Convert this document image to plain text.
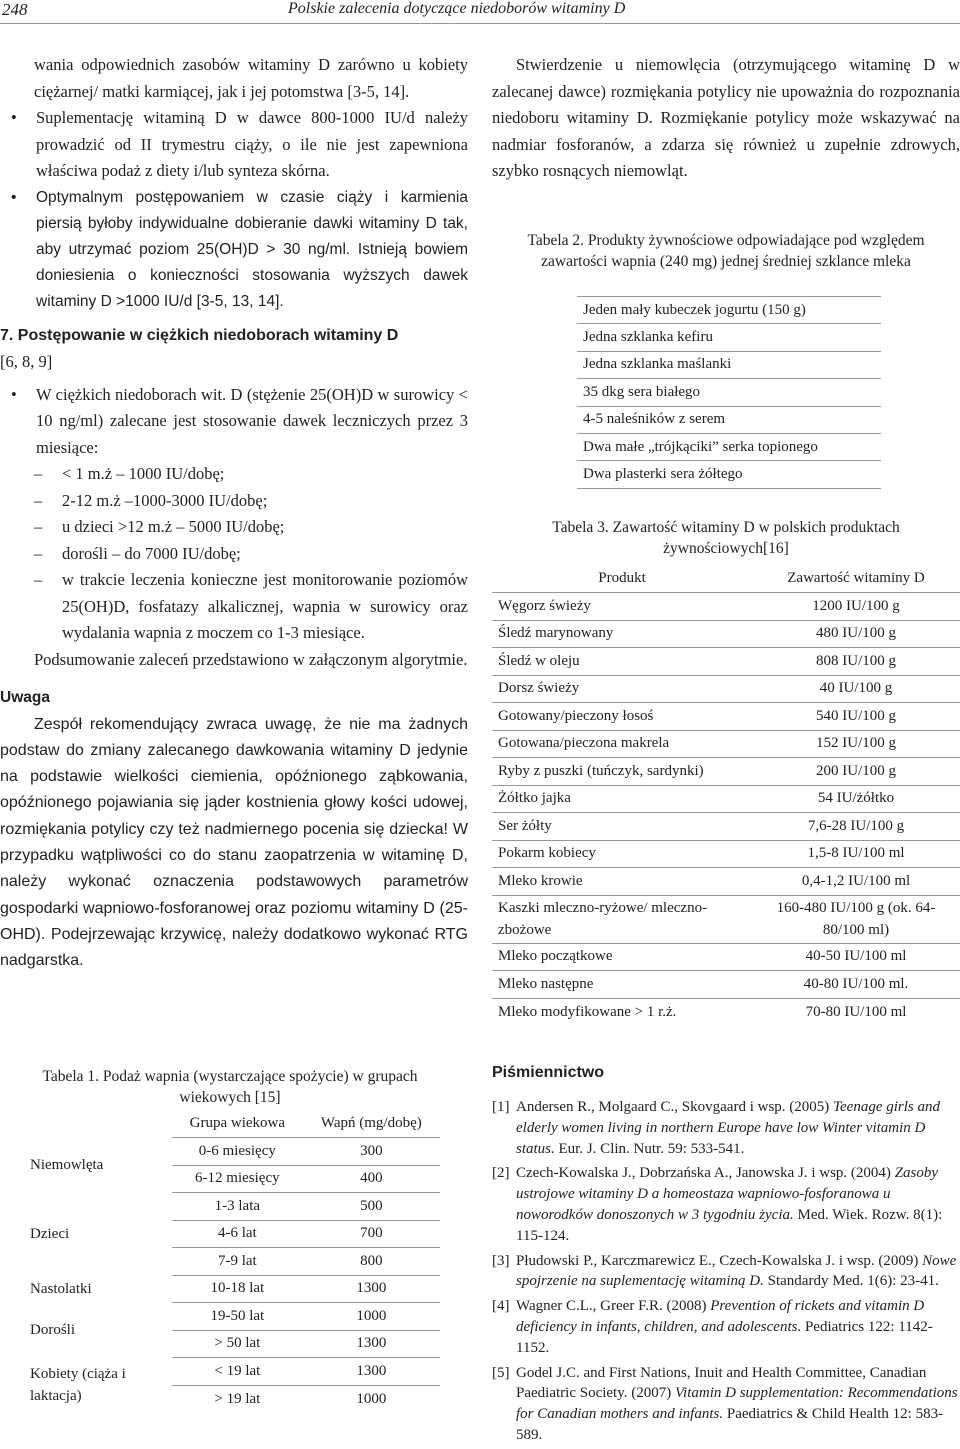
248	Polskie zalecenia dotyczące niedoborów witaminy D

wania odpowiednich zasobów witaminy D zarówno u kobiety ciężarnej/ matki karmiącej, jak i jej potomstwa [3-5, 14].

• Suplementację witaminą D w dawce 800-1000 IU/d należy prowadzić od II trymestru ciąży, o ile nie jest zapewniona właściwa podaż z diety i/lub synteza skórna.

• Optymalnym postępowaniem w czasie ciąży i karmienia piersią byłoby indywidualne dobieranie dawki witaminy D tak, aby utrzymać poziom 25(OH)D > 30 ng/ml. Istnieją bowiem doniesienia o konieczności stosowania wyższych dawek witaminy D >1000 IU/d [3-5, 13, 14].

7. Postępowanie w ciężkich niedoborach witaminy D

[6, 8, 9]

• W ciężkich niedoborach wit. D (stężenie 25(OH)D w surowicy < 10 ng/ml) zalecane jest stosowanie dawek leczniczych przez 3 miesiące:

– < 1 m.ż – 1000 IU/dobę;

– 2-12 m.ż –1000-3000 IU/dobę;

– u dzieci >12 m.ż – 5000 IU/dobę;

– dorośli – do 7000 IU/dobę;

– w trakcie leczenia konieczne jest monitorowanie poziomów 25(OH)D, fosfatazy alkalicznej, wapnia w surowicy oraz wydalania wapnia z moczem co 1-3 miesiące.

Podsumowanie zaleceń przedstawiono w załączonym algorytmie.

Uwaga

Zespół rekomendujący zwraca uwagę, że nie ma żadnych podstaw do zmiany zalecanego dawkowania witaminy D jedynie na podstawie wielkości ciemienia, opóźnionego ząbkowania, opóźnionego pojawiania się jąder kostnienia głowy kości udowej, rozmiękania potylicy czy też nadmiernego pocenia się dziecka! W przypadku wątpliwości co do stanu zaopatrzenia w witaminę D, należy wykonać oznaczenia podstawowych parametrów gospodarki wapniowo-fosforanowej oraz poziomu witaminy D (25-OHD). Podejrzewając krzywicę, należy dodatkowo wykonać RTG nadgarstka.

Stwierdzenie u niemowlęcia (otrzymującego witaminę D w zalecanej dawce) rozmiękania potylicy nie upoważnia do rozpoznania niedoboru witaminy D. Rozmiękanie potylicy może wskazywać na nadmiar fosforanów, a zdarza się również u zupełnie zdrowych, szybko rosnących niemowląt.

Tabela 2. Produkty żywnościowe odpowiadające pod względem zawartości wapnia (240 mg) jednej średniej szklance mleka

Jeden mały kubeczek jogurtu (150 g)
Jedna szklanka kefiru
Jedna szklanka maślanki
35 dkg sera białego
4-5 naleśników z serem
Dwa małe „trójkąciki” serka topionego
Dwa plasterki sera żółtego

Tabela 3. Zawartość witaminy D w polskich produktach żywnościowych[16]

Produkt	Zawartość witaminy D
Węgorz świeży	1200 IU/100 g
Śledź marynowany	480 IU/100 g
Śledź w oleju	808 IU/100 g
Dorsz świeży	40 IU/100 g
Gotowany/pieczony łosoś	540 IU/100 g
Gotowana/pieczona makrela	152 IU/100 g
Ryby z puszki (tuńczyk, sardynki)	200 IU/100 g
Żółtko jajka	54 IU/żółtko
Ser żółty	7,6-28 IU/100 g
Pokarm kobiecy	1,5-8 IU/100 ml
Mleko krowie	0,4-1,2 IU/100 ml
Kaszki mleczno-ryżowe/ mleczno-zbożowe	160-480 IU/100 g (ok. 64-80/100 ml)
Mleko początkowe	40-50 IU/100 ml
Mleko następne	40-80 IU/100 ml.
Mleko modyfikowane > 1 r.ż.	70-80 IU/100 ml

Tabela 1. Podaż wapnia (wystarczające spożycie) w grupach wiekowych [15]

	Grupa wiekowa	Wapń (mg/dobę)
Niemowlęta	0-6 miesięcy	300
	6-12 miesięcy	400
Dzieci	1-3 lata	500
	4-6 lat	700
	7-9 lat	800
Nastolatki	10-18 lat	1300
Dorośli	19-50 lat	1000
	> 50 lat	1300
Kobiety (ciąża i laktacja)	< 19 lat	1300
	> 19 lat	1000

Piśmiennictwo

[1] Andersen R., Molgaard C., Skovgaard i wsp. (2005) Teenage girls and elderly women living in northern Europe have low Winter vitamin D status. Eur. J. Clin. Nutr. 59: 533-541.
[2] Czech-Kowalska J., Dobrzańska A., Janowska J. i wsp. (2004) Zasoby ustrojowe witaminy D a homeostaza wapniowo-fosforanowa u noworodków donoszonych w 3 tygodniu życia. Med. Wiek. Rozw. 8(1): 115-124.
[3] Płudowski P., Karczmarewicz E., Czech-Kowalska J. i wsp. (2009) Nowe spojrzenie na suplementację witaminą D. Standardy Med. 1(6): 23-41.
[4] Wagner C.L., Greer F.R. (2008) Prevention of rickets and vitamin D deficiency in infants, children, and adolescents. Pediatrics 122: 1142-1152.
[5] Godel J.C. and First Nations, Inuit and Health Committee, Canadian Paediatric Society. (2007) Vitamin D supplementation: Recommendations for Canadian mothers and infants. Paediatrics & Child Health 12: 583-589.
